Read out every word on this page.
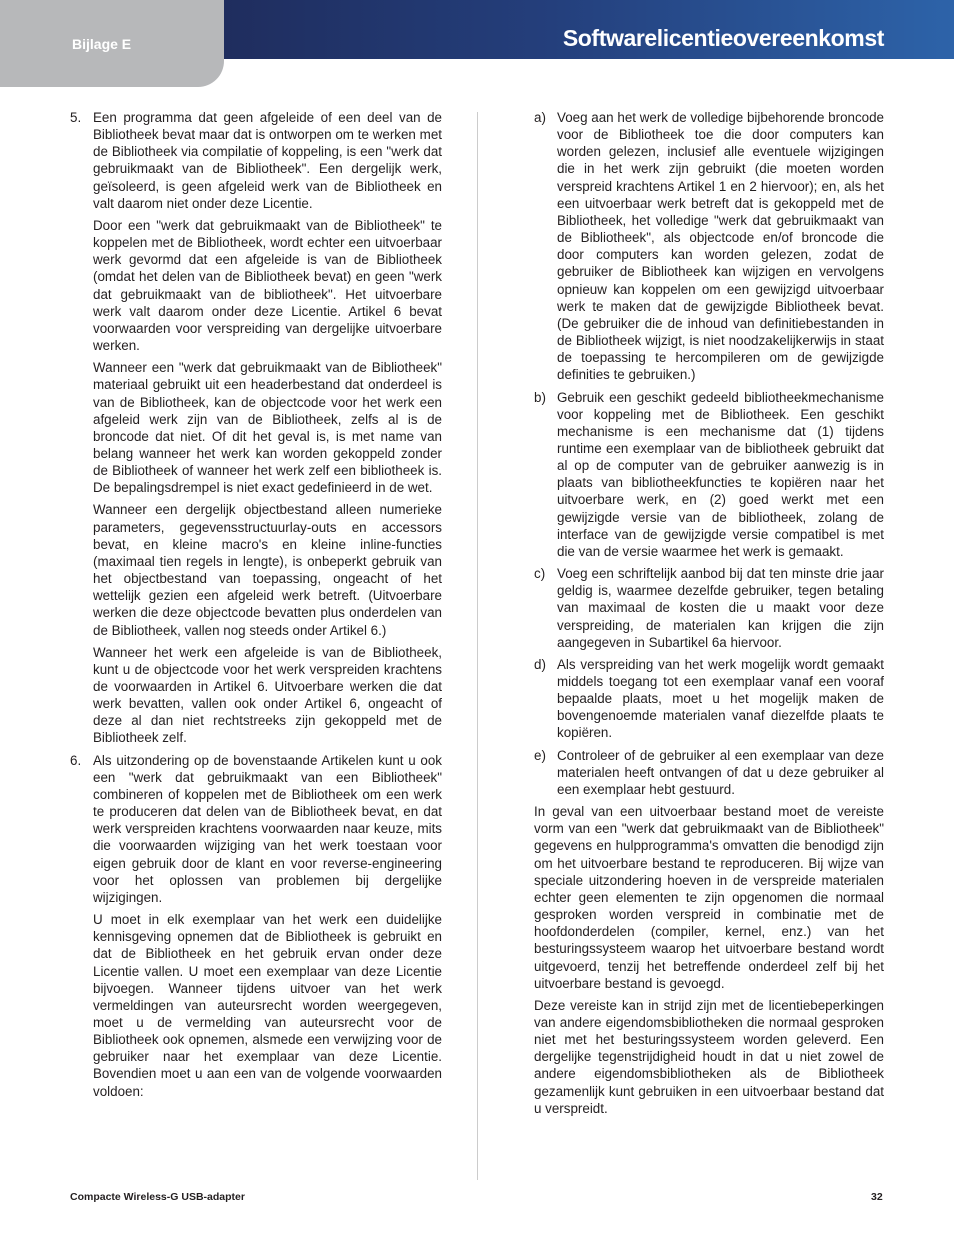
Bijlage E	Softwarelicentieovereenkomst
5. Een programma dat geen afgeleide of een deel van de Bibliotheek bevat maar dat is ontworpen om te werken met de Bibliotheek via compilatie of koppeling, is een "werk dat gebruikmaakt van de Bibliotheek". Een dergelijk werk, geïsoleerd, is geen afgeleid werk van de Bibliotheek en valt daarom niet onder deze Licentie.

Door een "werk dat gebruikmaakt van de Bibliotheek" te koppelen met de Bibliotheek, wordt echter een uitvoerbaar werk gevormd dat een afgeleide is van de Bibliotheek (omdat het delen van de Bibliotheek bevat) en geen "werk dat gebruikmaakt van de bibliotheek". Het uitvoerbare werk valt daarom onder deze Licentie. Artikel 6 bevat voorwaarden voor verspreiding van dergelijke uitvoerbare werken.

Wanneer een "werk dat gebruikmaakt van de Bibliotheek" materiaal gebruikt uit een headerbestand dat onderdeel is van de Bibliotheek, kan de objectcode voor het werk een afgeleid werk zijn van de Bibliotheek, zelfs al is de broncode dat niet. Of dit het geval is, is met name van belang wanneer het werk kan worden gekoppeld zonder de Bibliotheek of wanneer het werk zelf een bibliotheek is. De bepalingsdrempel is niet exact gedefinieerd in de wet.

Wanneer een dergelijk objectbestand alleen numerieke parameters, gegevensstructuurlay-outs en accessors bevat, en kleine macro's en kleine inline-functies (maximaal tien regels in lengte), is onbeperkt gebruik van het objectbestand van toepassing, ongeacht of het wettelijk gezien een afgeleid werk betreft. (Uitvoerbare werken die deze objectcode bevatten plus onderdelen van de Bibliotheek, vallen nog steeds onder Artikel 6.)

Wanneer het werk een afgeleide is van de Bibliotheek, kunt u de objectcode voor het werk verspreiden krachtens de voorwaarden in Artikel 6. Uitvoerbare werken die dat werk bevatten, vallen ook onder Artikel 6, ongeacht of deze al dan niet rechtstreeks zijn gekoppeld met de Bibliotheek zelf.

6. Als uitzondering op de bovenstaande Artikelen kunt u ook een "werk dat gebruikmaakt van een Bibliotheek" combineren of koppelen met de Bibliotheek om een werk te produceren dat delen van de Bibliotheek bevat, en dat werk verspreiden krachtens voorwaarden naar keuze, mits die voorwaarden wijziging van het werk toestaan voor eigen gebruik door de klant en voor reverse-engineering voor het oplossen van problemen bij dergelijke wijzigingen.

U moet in elk exemplaar van het werk een duidelijke kennisgeving opnemen dat de Bibliotheek is gebruikt en dat de Bibliotheek en het gebruik ervan onder deze Licentie vallen. U moet een exemplaar van deze Licentie bijvoegen. Wanneer tijdens uitvoer van het werk vermeldingen van auteursrecht worden weergegeven, moet u de vermelding van auteursrecht voor de Bibliotheek ook opnemen, alsmede een verwijzing voor de gebruiker naar het exemplaar van deze Licentie. Bovendien moet u aan een van de volgende voorwaarden voldoen:

a) Voeg aan het werk de volledige bijbehorende broncode voor de Bibliotheek toe die door computers kan worden gelezen, inclusief alle eventuele wijzigingen die in het werk zijn gebruikt (die moeten worden verspreid krachtens Artikel 1 en 2 hiervoor); en, als het een uitvoerbaar werk betreft dat is gekoppeld met de Bibliotheek, het volledige "werk dat gebruikmaakt van de Bibliotheek", als objectcode en/of broncode die door computers kan worden gelezen, zodat de gebruiker de Bibliotheek kan wijzigen en vervolgens opnieuw kan koppelen om een gewijzigd uitvoerbaar werk te maken dat de gewijzigde Bibliotheek bevat. (De gebruiker die de inhoud van definitiebestanden in de Bibliotheek wijzigt, is niet noodzakelijkerwijs in staat de toepassing te hercompileren om de gewijzigde definities te gebruiken.)

b) Gebruik een geschikt gedeeld bibliotheekmechanisme voor koppeling met de Bibliotheek. Een geschikt mechanisme is een mechanisme dat (1) tijdens runtime een exemplaar van de bibliotheek gebruikt dat al op de computer van de gebruiker aanwezig is in plaats van bibliotheekfuncties te kopiëren naar het uitvoerbare werk, en (2) goed werkt met een gewijzigde versie van de bibliotheek, zolang de interface van de gewijzigde versie compatibel is met die van de versie waarmee het werk is gemaakt.

c) Voeg een schriftelijk aanbod bij dat ten minste drie jaar geldig is, waarmee dezelfde gebruiker, tegen betaling van maximaal de kosten die u maakt voor deze verspreiding, de materialen kan krijgen die zijn aangegeven in Subartikel 6a hiervoor.

d) Als verspreiding van het werk mogelijk wordt gemaakt middels toegang tot een exemplaar vanaf een vooraf bepaalde plaats, moet u het mogelijk maken de bovengenoemde materialen vanaf diezelfde plaats te kopiëren.

e) Controleer of de gebruiker al een exemplaar van deze materialen heeft ontvangen of dat u deze gebruiker al een exemplaar hebt gestuurd.

In geval van een uitvoerbaar bestand moet de vereiste vorm van een "werk dat gebruikmaakt van de Bibliotheek" gegevens en hulpprogramma's omvatten die benodigd zijn om het uitvoerbare bestand te reproduceren. Bij wijze van speciale uitzondering hoeven in de verspreide materialen echter geen elementen te zijn opgenomen die normaal gesproken worden verspreid in combinatie met de hoofdonderdelen (compiler, kernel, enz.) van het besturingssysteem waarop het uitvoerbare bestand wordt uitgevoerd, tenzij het betreffende onderdeel zelf bij het uitvoerbare bestand is gevoegd.

Deze vereiste kan in strijd zijn met de licentiebeperkingen van andere eigendomsbibliotheken die normaal gesproken niet met het besturingssysteem worden geleverd. Een dergelijke tegenstrijdigheid houdt in dat u niet zowel de andere eigendomsbibliotheken als de Bibliotheek gezamenlijk kunt gebruiken in een uitvoerbaar bestand dat u verspreidt.

Compacte Wireless-G USB-adapter	32
